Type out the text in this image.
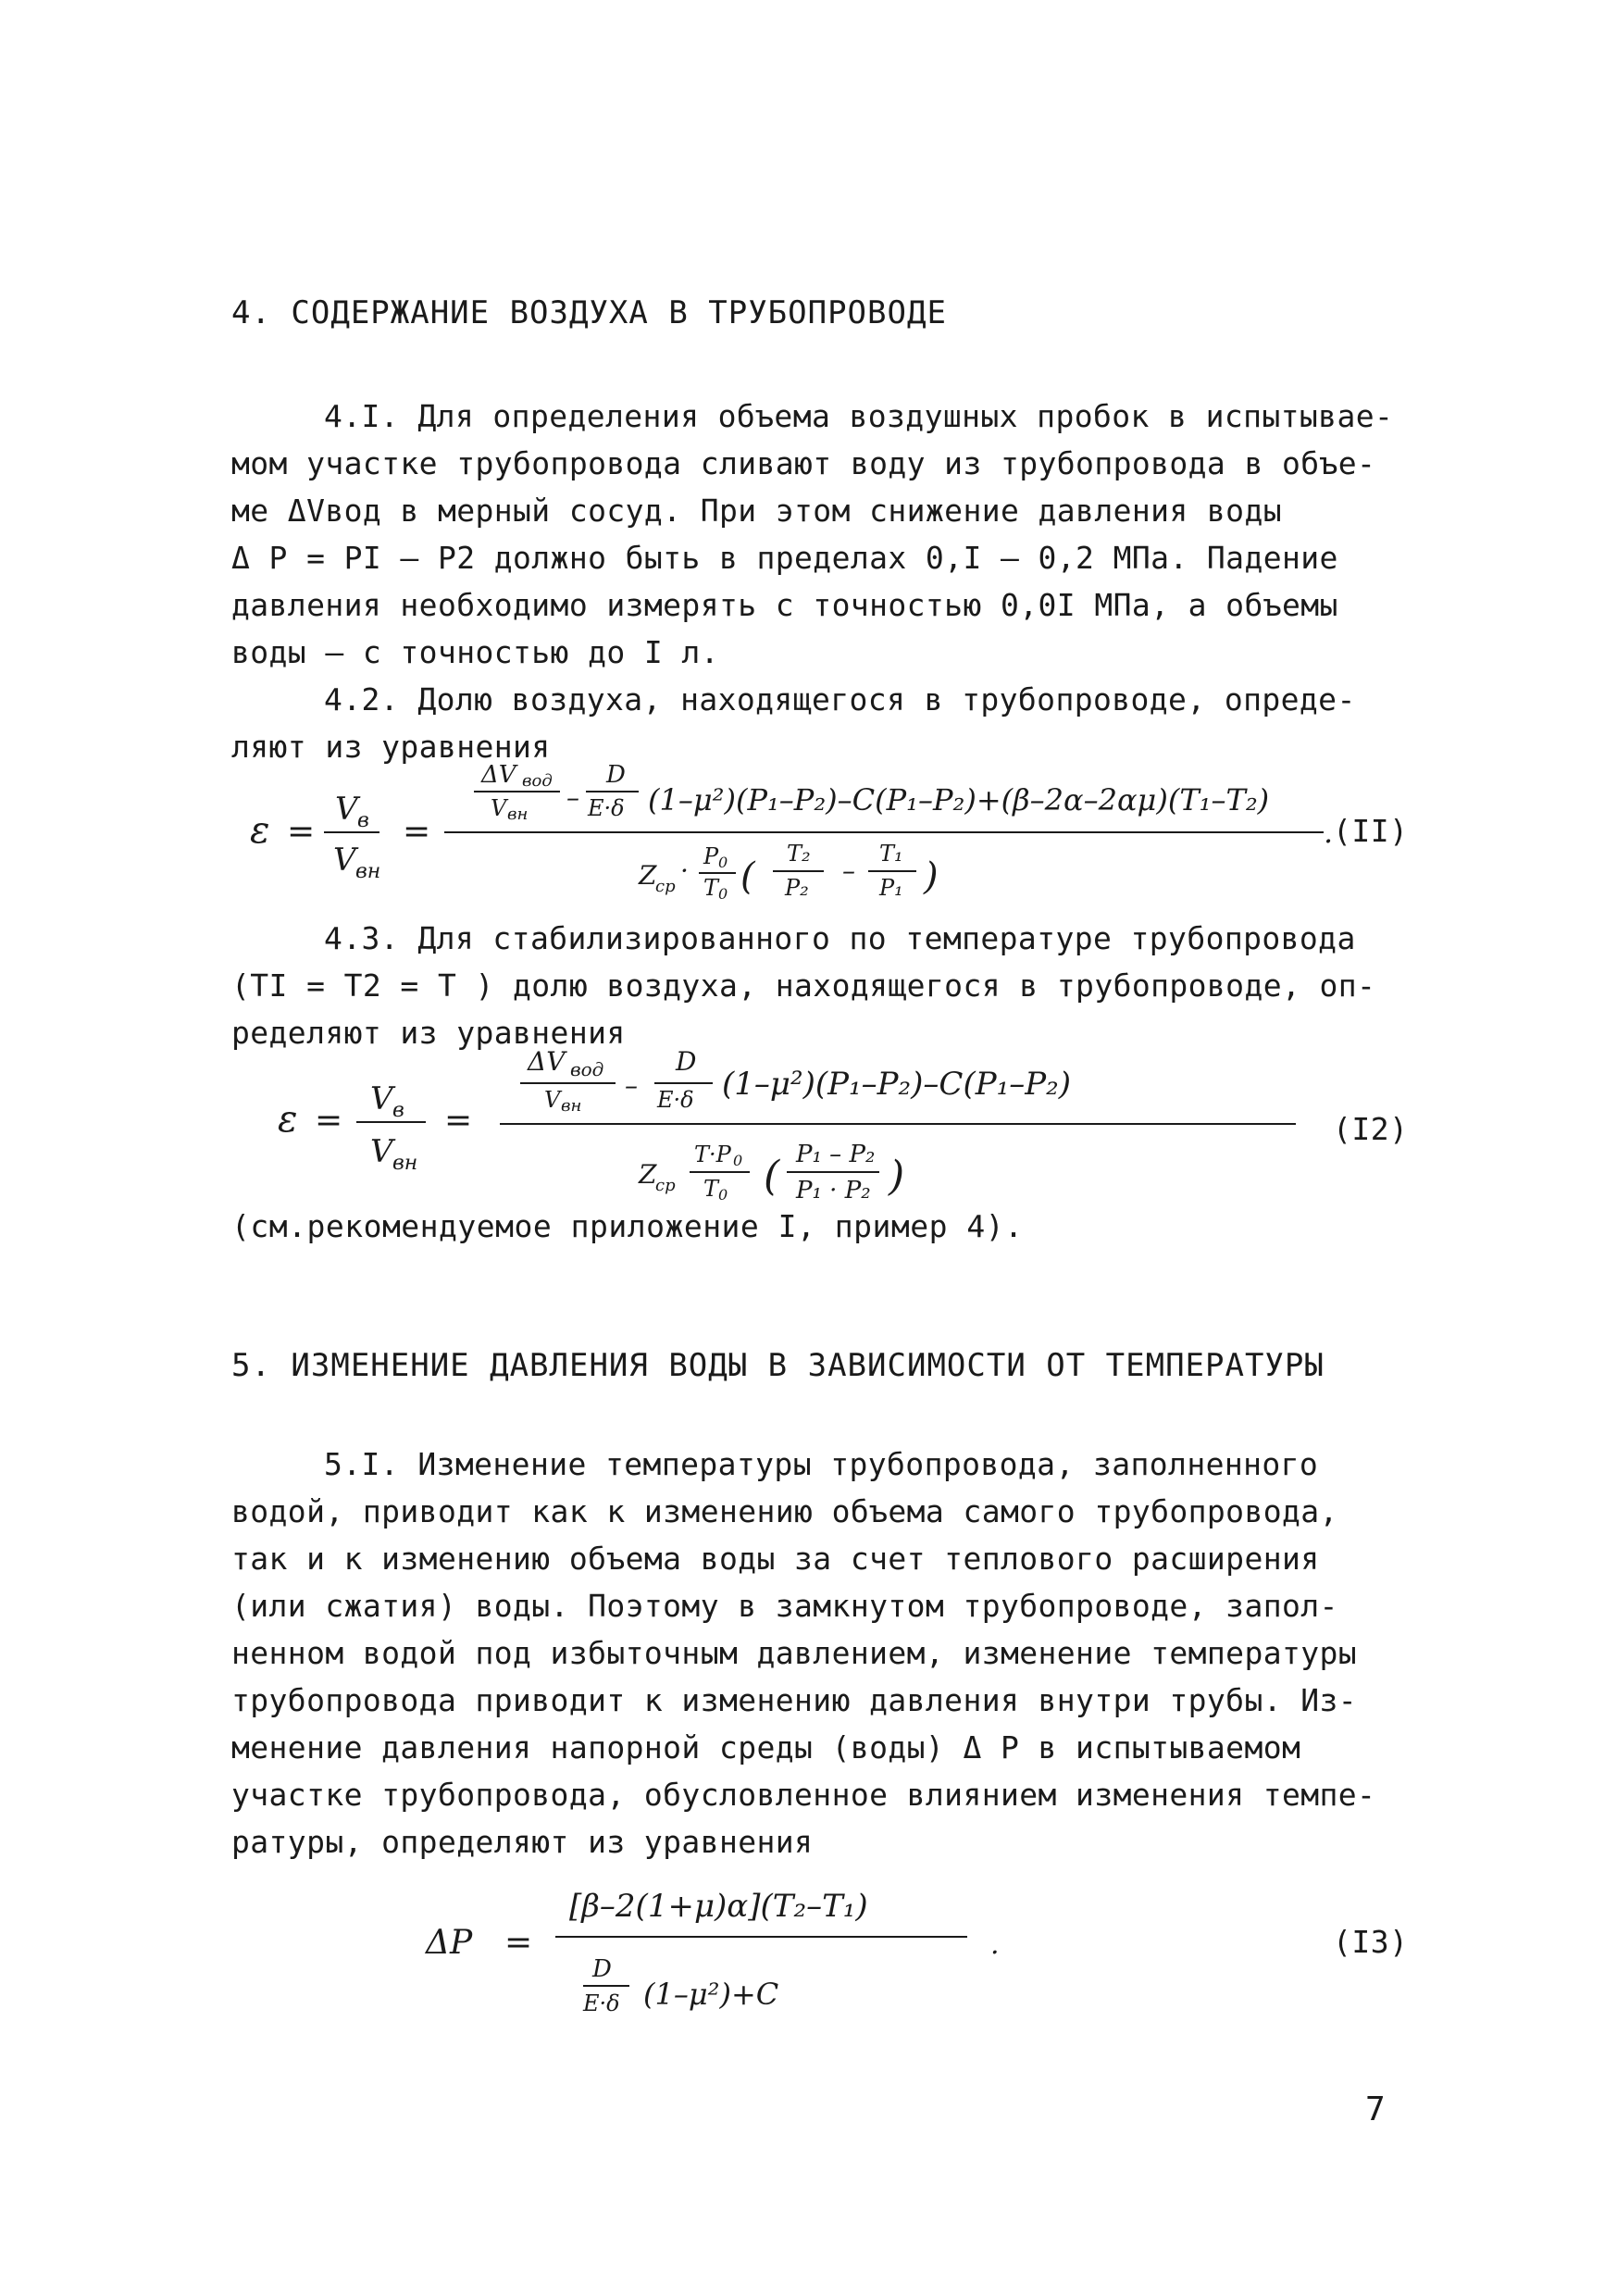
4. СОДЕРЖАНИЕ ВОЗДУХА В ТРУБОПРОВОДЕ
4.I. Для определения объема воздушных пробок в испытывае-
мом участке трубопровода сливают воду из трубопровода в объе-
ме ΔVвод в мерный сосуд. При этом снижение давления воды
Δ P = PI – P2 должно быть в пределах 0,I – 0,2 МПа. Падение
давления необходимо измерять с точностью 0,0I МПа, а объемы
воды – с точностью до I л.
4.2. Долю воздуха, находящегося в трубопроводе, опреде-
ляют из уравнения
ε =
V в
V вн
=
ΔV вод
V вн
–
D
E·δ (1–μ²)(P₁–P₂)–C(P₁–P₂)+(β–2α–2αμ)(T₁–T₂)
Z
ср
· P 0
T 0 (
T₂
P₂
–
T₁
P₁ )
. (II)
4.3. Для стабилизированного по температуре трубопровода
(TI = T2 = T ) долю воздуха, находящегося в трубопроводе, оп-
ределяют из уравнения
ε =
V в
V вн
=
ΔV вод
V вн
–
D
E·δ (1–μ²)(P₁–P₂)–C(P₁–P₂)
Z
ср
T·P 0
T 0 ( P₁ – P₂
P₁ · P₂ )
(I2)
(см.рекомендуемое приложение I, пример 4).
5. ИЗМЕНЕНИЕ ДАВЛЕНИЯ ВОДЫ В ЗАВИСИМОСТИ ОТ ТЕМПЕРАТУРЫ
5.I. Изменение температуры трубопровода, заполненного
водой, приводит как к изменению объема самого трубопровода,
так и к изменению объема воды за счет теплового расширения
(или сжатия) воды. Поэтому в замкнутом трубопроводе, запол-
ненном водой под избыточным давлением, изменение температуры
трубопровода приводит к изменению давления внутри трубы. Из-
менение давления напорной среды (воды) Δ P в испытываемом
участке трубопровода, обусловленное влиянием изменения темпе-
ратуры, определяют из уравнения
ΔP =
[β–2(1+μ)α](T₂–T₁)
D
E·δ (1–μ²)+C
.	(I3)
7
